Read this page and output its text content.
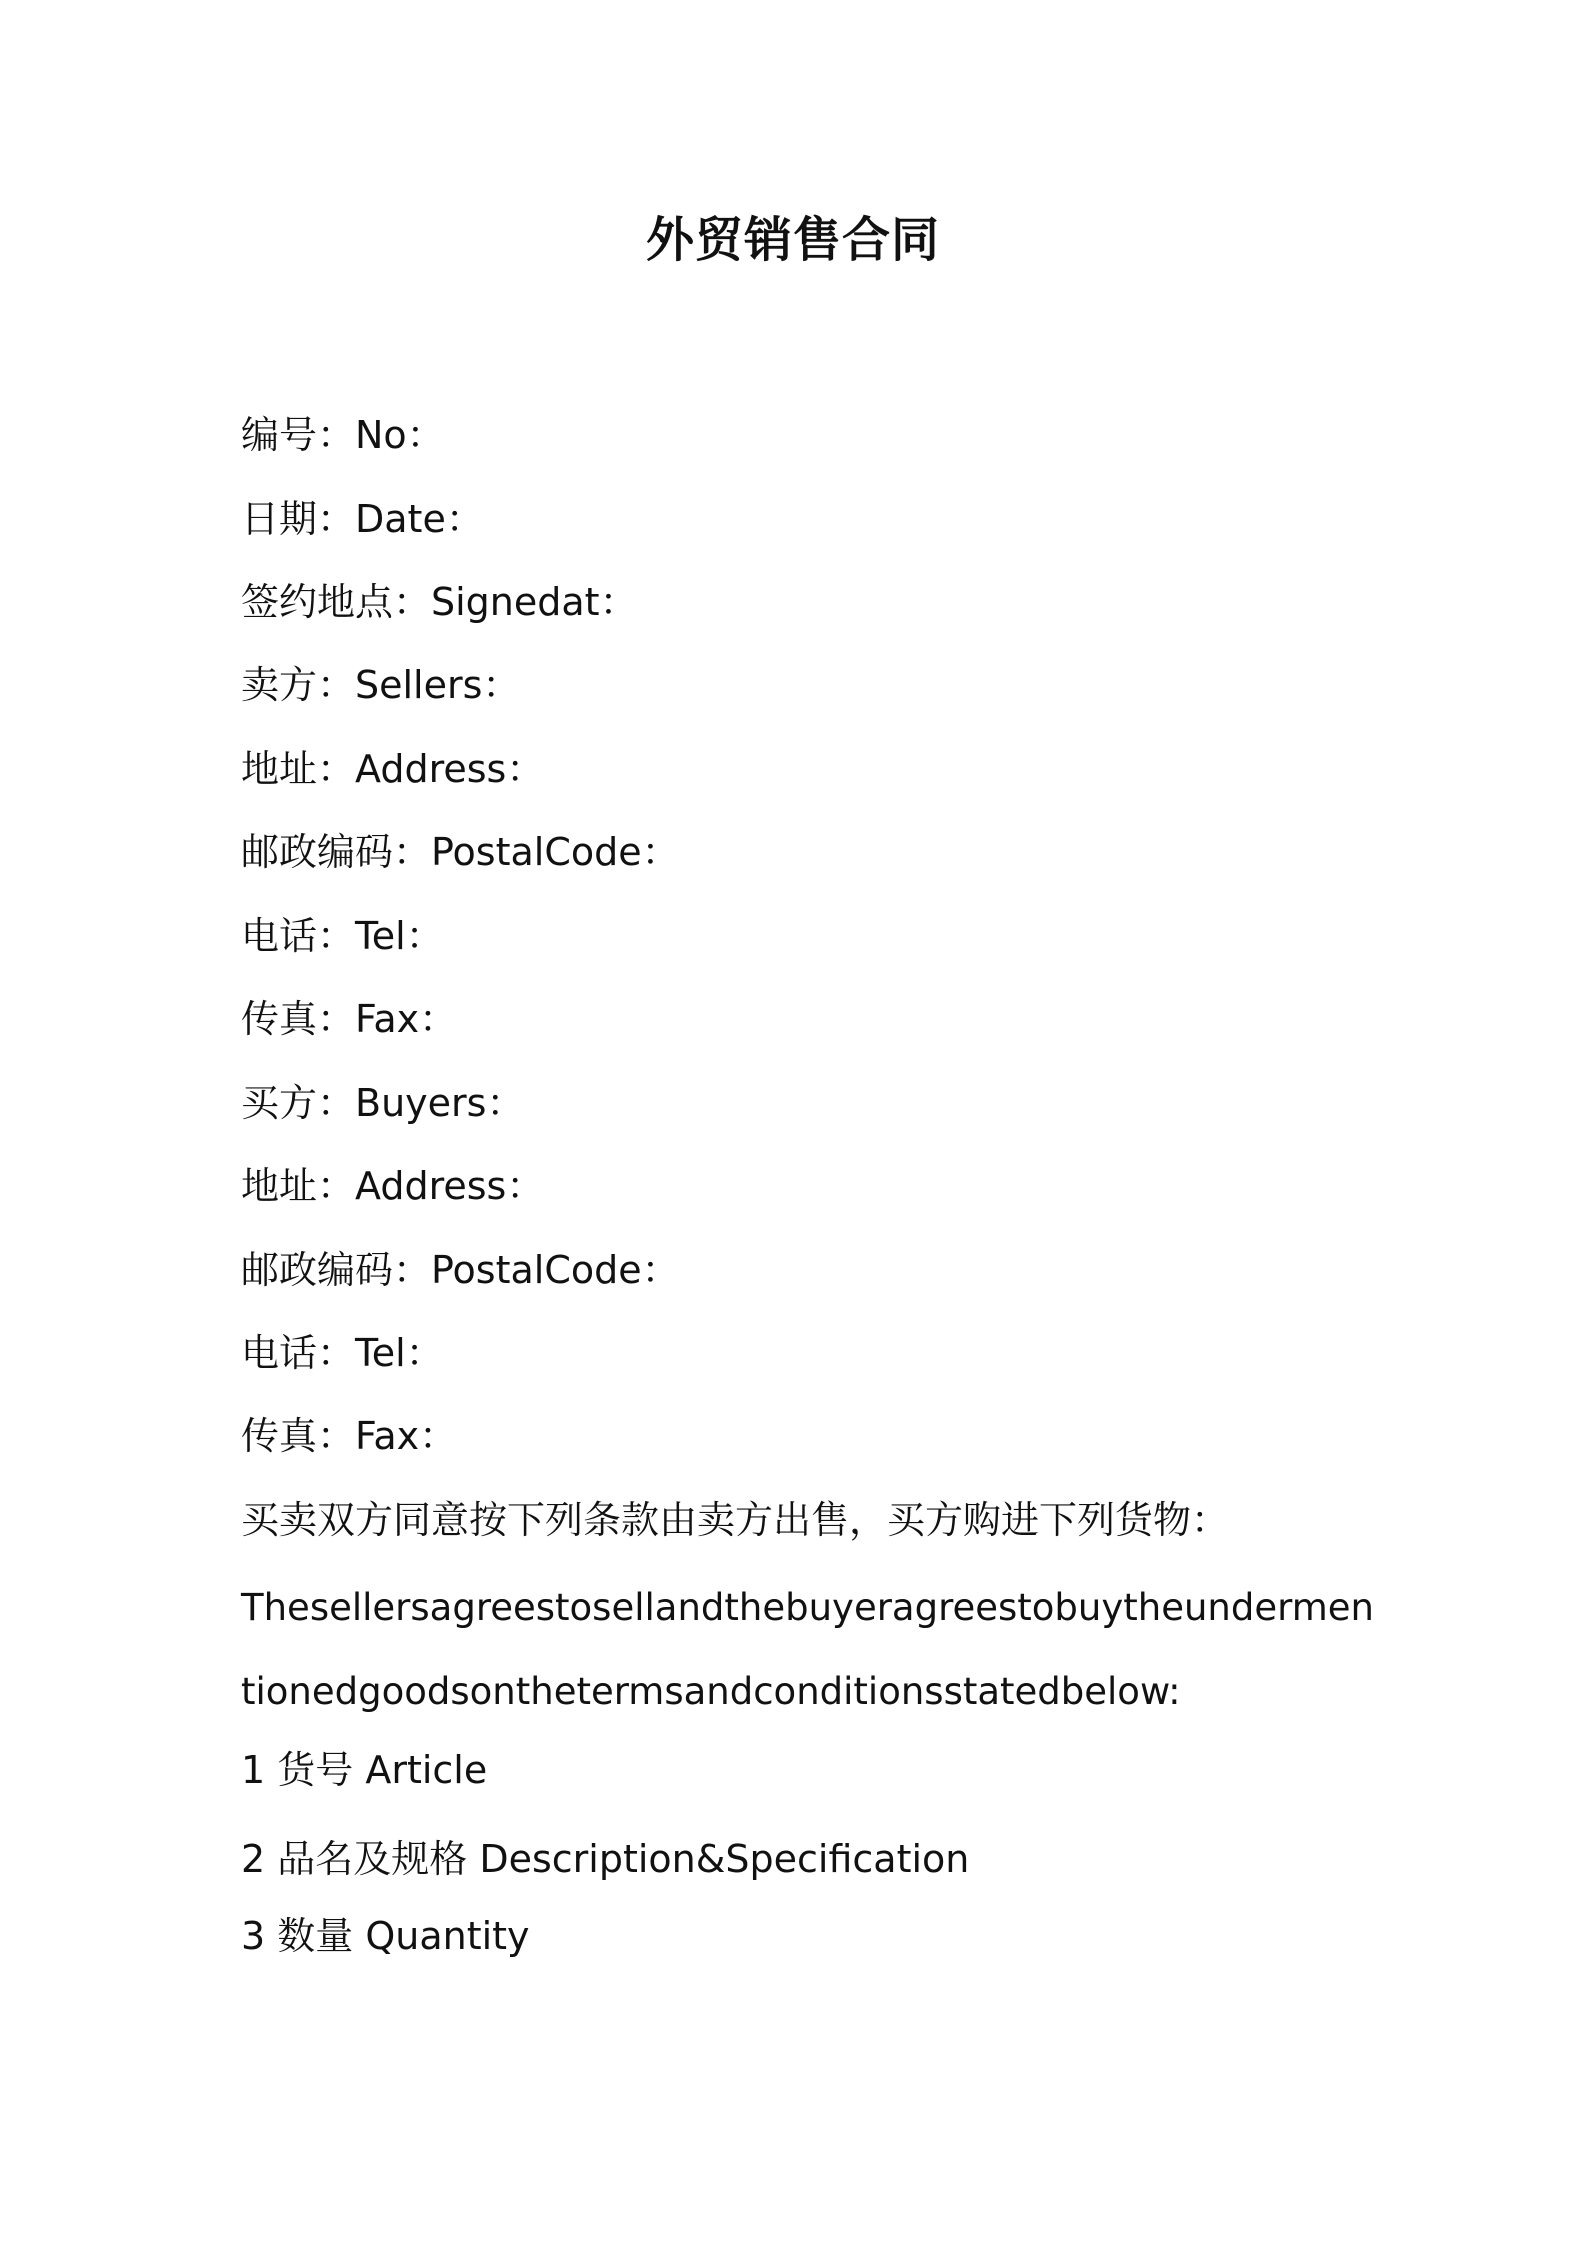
外贸销售合同
编号：No：
日期：Date：
签约地点：Signedat：
卖方：Sellers：
地址：Address：
邮政编码：PostalCode：
电话：Tel：
传真：Fax：
买方：Buyers：
地址：Address：
邮政编码：PostalCode：
电话：Tel：
传真：Fax：
买卖双方同意按下列条款由卖方出售，买方购进下列货物：
Thesellersagreestosellandthebuyeragreestobuytheundermen
tionedgoodsonthetermsandconditionsstatedbelow:
1 货号 Article
2 品名及规格 Description&Specification
3 数量 Quantity
